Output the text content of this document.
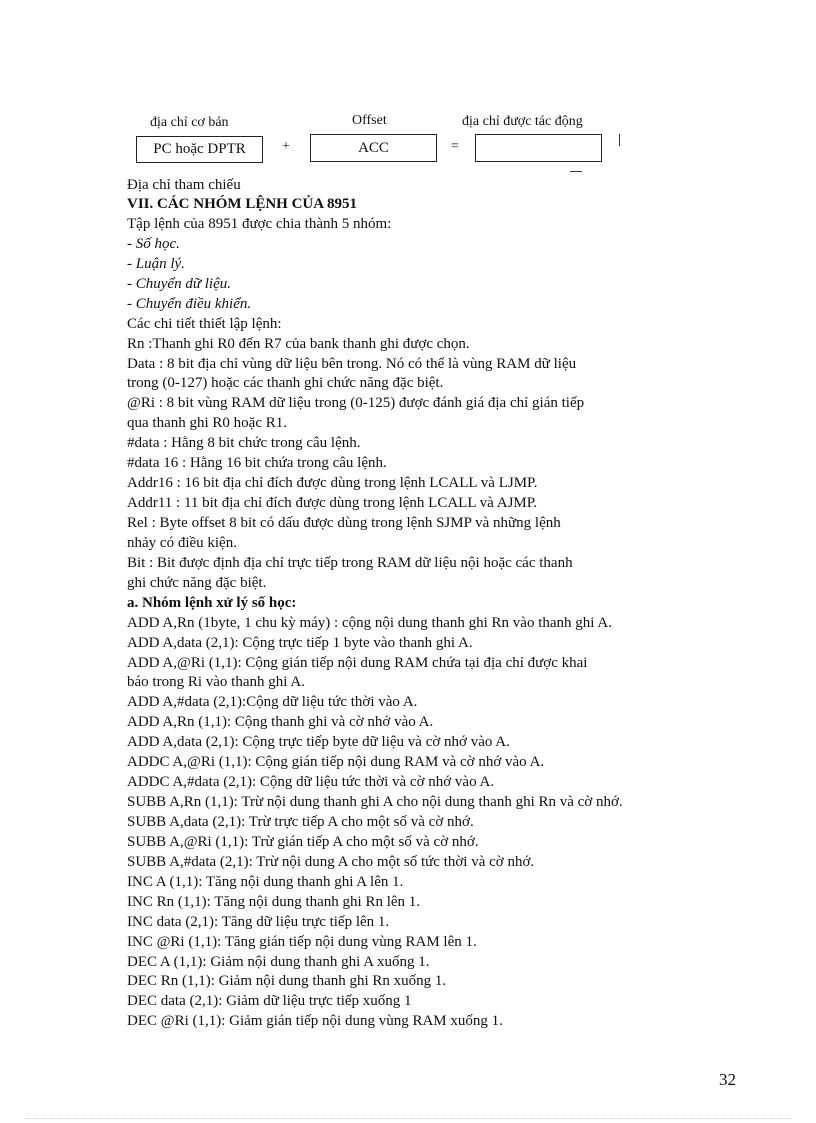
địa chỉ cơ bản
PC hoặc DPTR	+
Offset
ACC	=
địa chỉ được tác động
Địa chỉ tham chiếu
VII. CÁC NHÓM LỆNH CỦA 8951
Tập lệnh của 8951 được chia thành 5 nhóm:
- Số học.
- Luận lý.
- Chuyển dữ liệu.
- Chuyển điều khiển.
Các chi tiết thiết lập lệnh:
Rn :Thanh ghi R0 đến R7 của bank thanh ghi được chọn.
Data : 8 bit địa chỉ vùng dữ liệu bên trong. Nó có thể là vùng RAM dữ liệu
trong (0-127) hoặc các thanh ghi chức năng đặc biệt.
@Ri : 8 bit vùng RAM dữ liệu trong (0-125) được đánh giá địa chỉ gián tiếp
qua thanh ghi R0 hoặc R1.
#data : Hằng 8 bit chức trong câu lệnh.
#data 16 : Hằng 16 bit chứa trong câu lệnh.
Addr16 : 16 bit địa chỉ đích được dùng trong lệnh LCALL và LJMP.
Addr11 : 11 bit địa chỉ đích được dùng trong lệnh LCALL và AJMP.
Rel : Byte offset 8 bit có dấu được dùng trong lệnh SJMP và những lệnh
nhảy có điều kiện.
Bit : Bit được định địa chỉ trực tiếp trong RAM dữ liệu nội hoặc các thanh
ghi chức năng đặc biệt.
a. Nhóm lệnh xử lý số học:
ADD A,Rn (1byte, 1 chu kỳ máy) : cộng nội dung thanh ghi Rn vào thanh ghi A.
ADD A,data (2,1): Cộng trực tiếp 1 byte vào thanh ghi A.
ADD A,@Ri (1,1): Cộng gián tiếp nội dung RAM chứa tại địa chỉ được khai
báo trong Ri vào thanh ghi A.
ADD A,#data (2,1):Cộng dữ liệu tức thời vào A.
ADD A,Rn (1,1): Cộng thanh ghi và cờ nhớ vào A.
ADD A,data (2,1): Cộng trực tiếp byte dữ liệu và cờ nhớ vào A.
ADDC A,@Ri (1,1): Cộng gián tiếp nội dung RAM và cờ nhớ vào A.
ADDC A,#data (2,1): Cộng dữ liệu tức thời và cờ nhớ vào A.
SUBB A,Rn (1,1): Trừ nội dung thanh ghi A cho nội dung thanh ghi Rn và cờ nhớ.
SUBB A,data (2,1): Trừ trực tiếp A cho một số và cờ nhớ.
SUBB A,@Ri (1,1): Trừ gián tiếp A cho một số và cờ nhớ.
SUBB A,#data (2,1): Trừ nội dung A cho một số tức thời và cờ nhớ.
INC A (1,1): Tăng nội dung thanh ghi A lên 1.
INC Rn (1,1): Tăng nội dung thanh ghi Rn lên 1.
INC data (2,1): Tăng dữ liệu trực tiếp lên 1.
INC @Ri (1,1): Tăng gián tiếp nội dung vùng RAM lên 1.
DEC A (1,1): Giảm nội dung thanh ghi A xuống 1.
DEC Rn (1,1): Giảm nội dung thanh ghi Rn xuống 1.
DEC data (2,1): Giảm dữ liệu trực tiếp xuống 1
DEC @Ri (1,1): Giảm gián tiếp nội dung vùng RAM xuống 1.
32
